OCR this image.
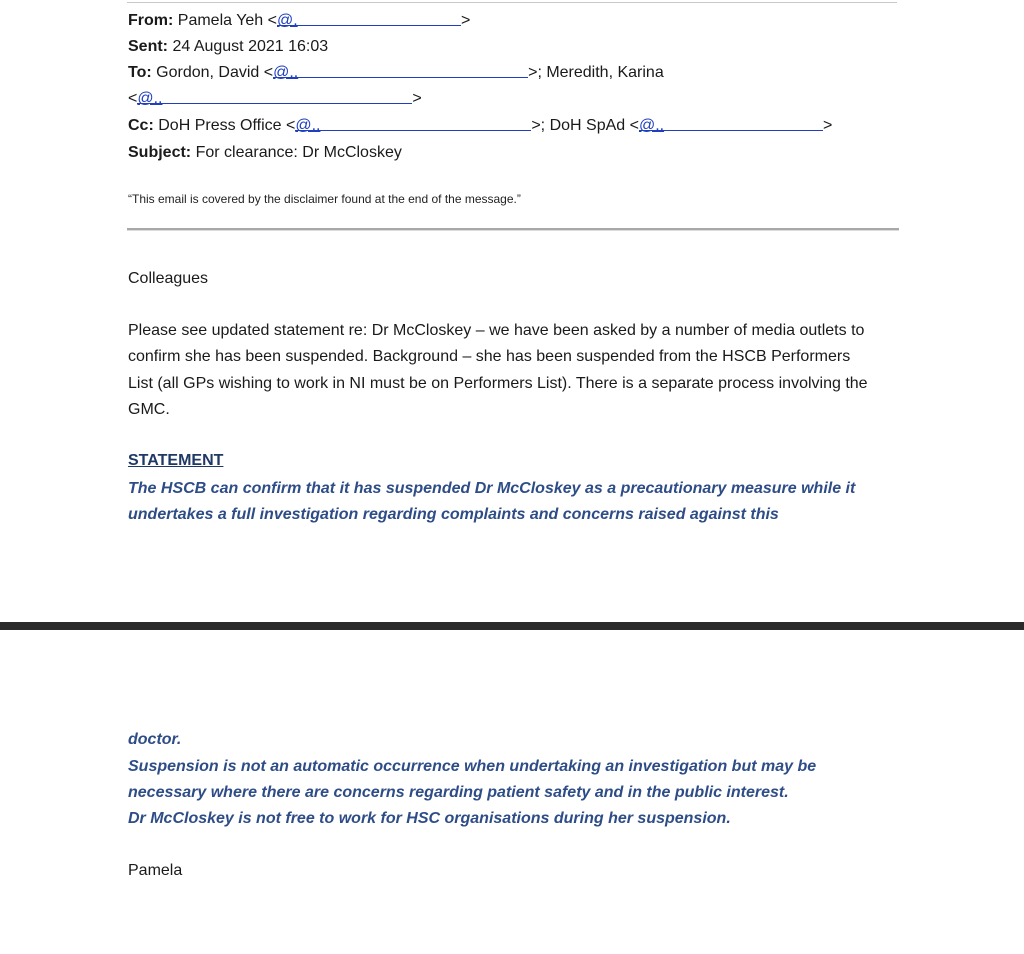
From: Pamela Yeh <@.	>
Sent: 24 August 2021 16:03
To: Gordon, David <@..	>; Meredith, Karina
<@..	>
Cc: DoH Press Office <@..	>; DoH SpAd <@..	>
Subject: For clearance: Dr McCloskey
“This email is covered by the disclaimer found at the end of the message.”
Colleagues
Please see updated statement re: Dr McCloskey – we have been asked by a number of media outlets to confirm she has been suspended. Background – she has been suspended from the HSCB Performers List (all GPs wishing to work in NI must be on Performers List). There is a separate process involving the GMC.
STATEMENT
The HSCB can confirm that it has suspended Dr McCloskey as a precautionary measure while it undertakes a full investigation regarding complaints and concerns raised against this
doctor.
Suspension is not an automatic occurrence when undertaking an investigation but may be necessary where there are concerns regarding patient safety and in the public interest.
Dr McCloskey is not free to work for HSC organisations during her suspension.
Pamela
